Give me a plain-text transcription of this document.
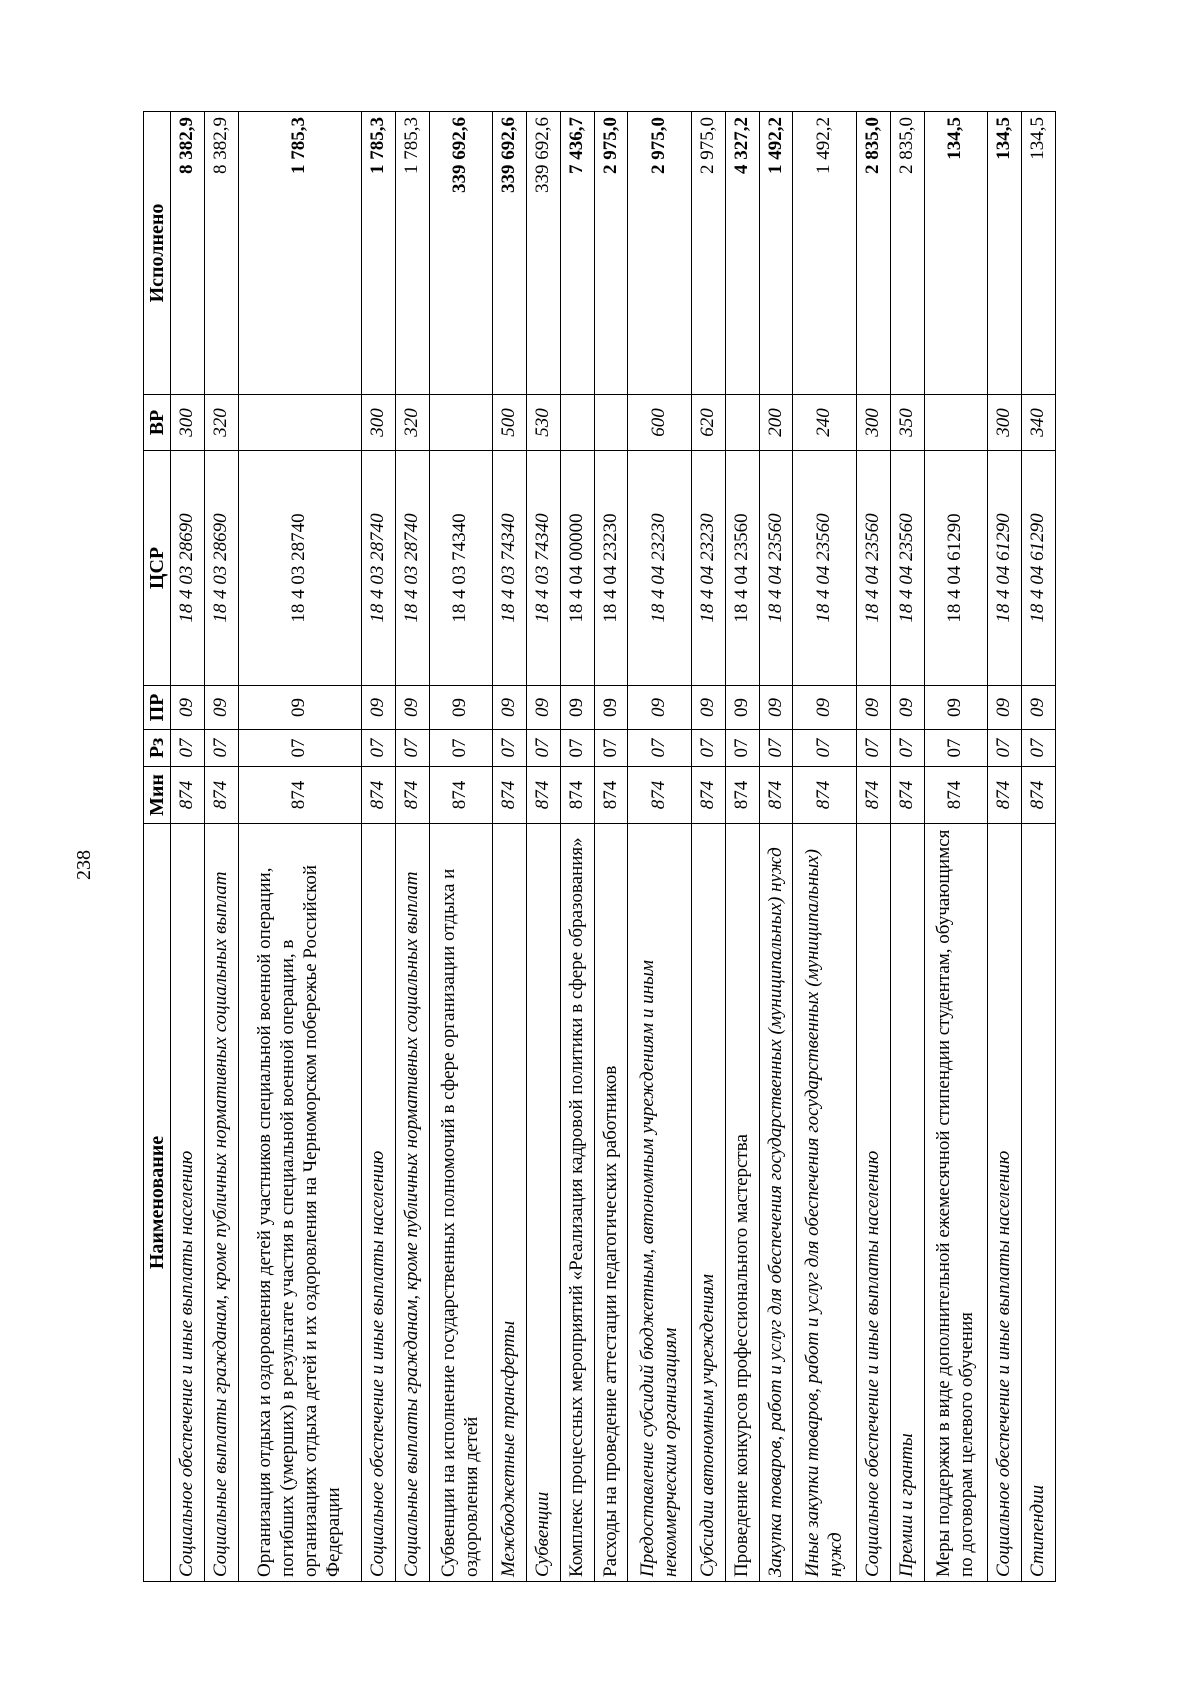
238
Наименование	Мин	Рз	ПР	ЦСР	ВР	Исполнено
Социальное обеспечение и иные выплаты населению	874	07	09	18 4 03 28690	300	8 382,9
Социальные выплаты гражданам, кроме публичных нормативных социальных выплат	874	07	09	18 4 03 28690	320	8 382,9
Организация отдыха и оздоровления детей участников специальной военной операции, погибших (умерших) в результате участия в специальной военной операции, в организациях отдыха детей и их оздоровления на Черноморском побережье Российской Федерации	874	07	09	18 4 03 28740		1 785,3
Социальное обеспечение и иные выплаты населению	874	07	09	18 4 03 28740	300	1 785,3
Социальные выплаты гражданам, кроме публичных нормативных социальных выплат	874	07	09	18 4 03 28740	320	1 785,3
Субвенции на исполнение государственных полномочий в сфере организации отдыха и оздоровления детей	874	07	09	18 4 03 74340		339 692,6
Межбюджетные трансферты	874	07	09	18 4 03 74340	500	339 692,6
Субвенции	874	07	09	18 4 03 74340	530	339 692,6
Комплекс процессных мероприятий «Реализация кадровой политики в сфере образования»	874	07	09	18 4 04 00000		7 436,7
Расходы на проведение аттестации педагогических работников	874	07	09	18 4 04 23230		2 975,0
Предоставление субсидий бюджетным, автономным учреждениям и иным некоммерческим организациям	874	07	09	18 4 04 23230	600	2 975,0
Субсидии автономным учреждениям	874	07	09	18 4 04 23230	620	2 975,0
Проведение конкурсов профессионального мастерства	874	07	09	18 4 04 23560		4 327,2
Закупка товаров, работ и услуг для обеспечения государственных (муниципальных) нужд	874	07	09	18 4 04 23560	200	1 492,2
Иные закупки товаров, работ и услуг для обеспечения государственных (муниципальных) нужд	874	07	09	18 4 04 23560	240	1 492,2
Социальное обеспечение и иные выплаты населению	874	07	09	18 4 04 23560	300	2 835,0
Премии и гранты	874	07	09	18 4 04 23560	350	2 835,0
Меры поддержки в виде дополнительной ежемесячной стипендии студентам, обучающимся по договорам целевого обучения	874	07	09	18 4 04 61290		134,5
Социальное обеспечение и иные выплаты населению	874	07	09	18 4 04 61290	300	134,5
Стипендии	874	07	09	18 4 04 61290	340	134,5
